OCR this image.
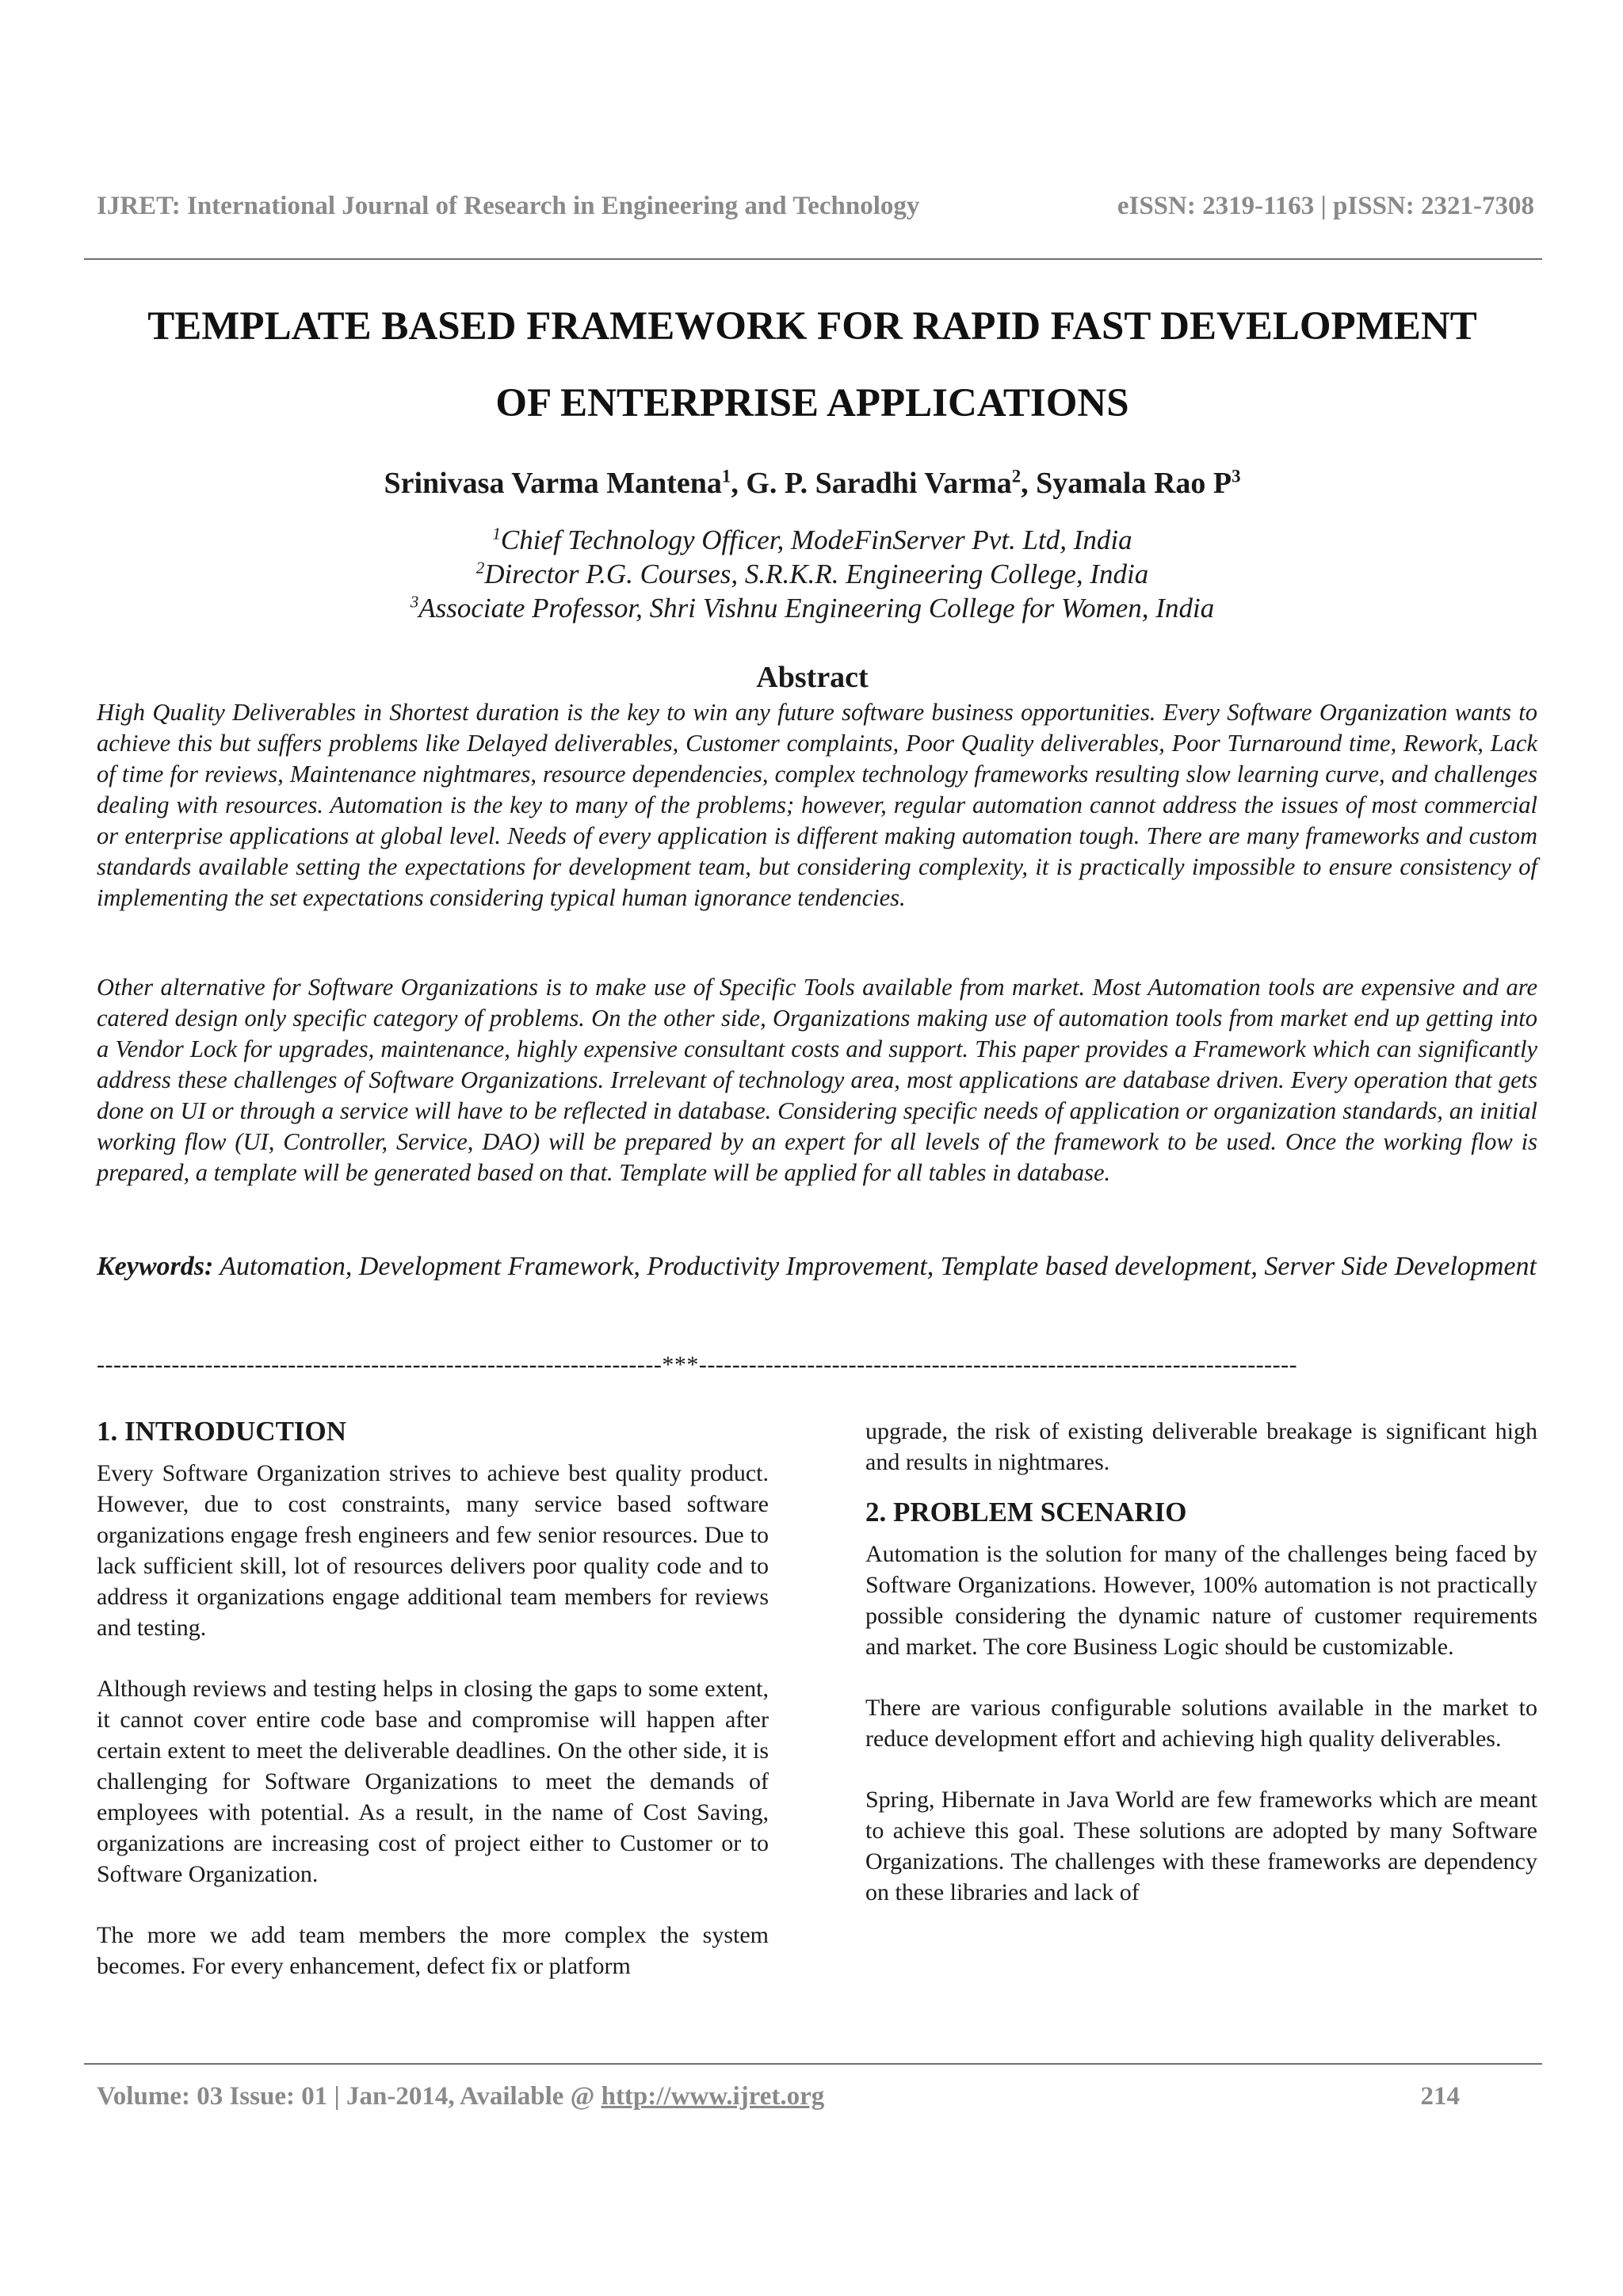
IJRET: International Journal of Research in Engineering and Technology	eISSN: 2319-1163 | pISSN: 2321-7308
TEMPLATE BASED FRAMEWORK FOR RAPID FAST DEVELOPMENT
OF ENTERPRISE APPLICATIONS
Srinivasa Varma Mantena$^1$, G. P. Saradhi Varma$^2$, Syamala Rao $P^3$
$^1$Chief Technology Officer, ModeFinServer Pvt. Ltd, India
$^2$Director P.G. Courses, S.R.K.R. Engineering College, India
$^3$Associate Professor, Shri Vishnu Engineering College for Women, India
Abstract
High Quality Deliverables in Shortest duration is the key to win any future software business opportunities. Every Software Organization wants to achieve this but suffers problems like Delayed deliverables, Customer complaints, Poor Quality deliverables, Poor Turnaround time, Rework, Lack of time for reviews, Maintenance nightmares, resource dependencies, complex technology frameworks resulting slow learning curve, and challenges dealing with resources. Automation is the key to many of the problems; however, regular automation cannot address the issues of most commercial or enterprise applications at global level. Needs of every application is different making automation tough. There are many frameworks and custom standards available setting the expectations for development team, but considering complexity, it is practically impossible to ensure consistency of implementing the set expectations considering typical human ignorance tendencies.
Other alternative for Software Organizations is to make use of Specific Tools available from market. Most Automation tools are expensive and are catered design only specific category of problems. On the other side, Organizations making use of automation tools from market end up getting into a Vendor Lock for upgrades, maintenance, highly expensive consultant costs and support. This paper provides a Framework which can significantly address these challenges of Software Organizations. Irrelevant of technology area, most applications are database driven. Every operation that gets done on UI or through a service will have to be reflected in database. Considering specific needs of application or organization standards, an initial working flow (UI, Controller, Service, DAO) will be prepared by an expert for all levels of the framework to be used. Once the working flow is prepared, a template will be generated based on that. Template will be applied for all tables in database.
Keywords: Automation, Development Framework, Productivity Improvement, Template based development, Server Side Development
--------------------------------------------------------------------***------------------------------------------------------------------------
1. INTRODUCTION

Every Software Organization strives to achieve best quality product. However, due to cost constraints, many service based software organizations engage fresh engineers and few senior resources. Due to lack sufficient skill, lot of resources delivers poor quality code and to address it organizations engage additional team members for reviews and testing.

Although reviews and testing helps in closing the gaps to some extent, it cannot cover entire code base and compromise will happen after certain extent to meet the deliverable deadlines. On the other side, it is challenging for Software Organizations to meet the demands of employees with potential. As a result, in the name of Cost Saving, organizations are increasing cost of project either to Customer or to Software Organization.

The more we add team members the more complex the system becomes. For every enhancement, defect fix or platform

upgrade, the risk of existing deliverable breakage is significant high and results in nightmares.

2. PROBLEM SCENARIO

Automation is the solution for many of the challenges being faced by Software Organizations. However, 100% automation is not practically possible considering the dynamic nature of customer requirements and market. The core Business Logic should be customizable.

There are various configurable solutions available in the market to reduce development effort and achieving high quality deliverables.

Spring, Hibernate in Java World are few frameworks which are meant to achieve this goal. These solutions are adopted by many Software Organizations. The challenges with these frameworks are dependency on these libraries and lack of

Volume: 03 Issue: 01 | Jan-2014, Available @ http://www.ijret.org	214
